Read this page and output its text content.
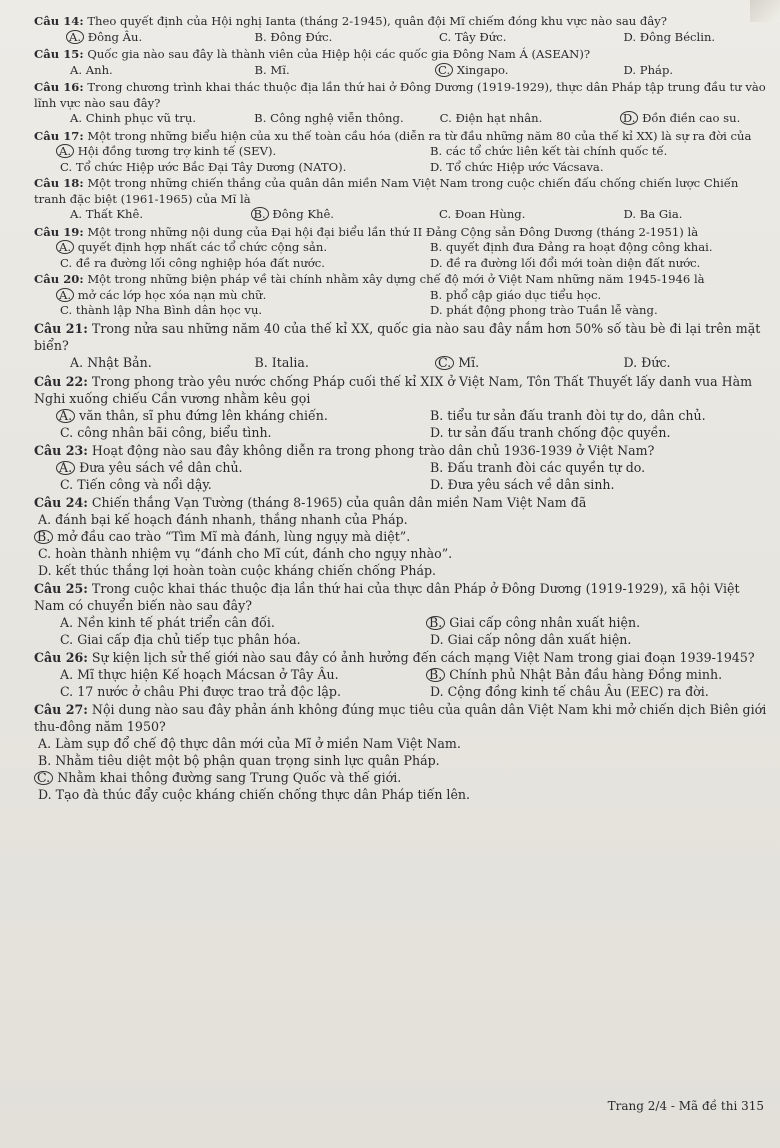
Câu 14: Theo quyết định của Hội nghị Ianta (tháng 2-1945), quân đội Mĩ chiếm đóng khu vực nào sau đây?

A. Đông Âu.	B. Đông Đức.	C. Tây Đức.	D. Đông Béclin.

Câu 15: Quốc gia nào sau đây là thành viên của Hiệp hội các quốc gia Đông Nam Á (ASEAN)?

A. Anh.	B. Mĩ.	C. Xingapo.	D. Pháp.

Câu 16: Trong chương trình khai thác thuộc địa lần thứ hai ở Đông Dương (1919-1929), thực dân Pháp tập trung đầu tư vào lĩnh vực nào sau đây?

A. Chinh phục vũ trụ.	B. Công nghệ viễn thông.	C. Điện hạt nhân.	D. Đồn điền cao su.

Câu 17: Một trong những biểu hiện của xu thế toàn cầu hóa (diễn ra từ đầu những năm 80 của thế kỉ XX) là sự ra đời của

A. Hội đồng tương trợ kinh tế (SEV).	B. các tổ chức liên kết tài chính quốc tế.
C. Tổ chức Hiệp ước Bắc Đại Tây Dương (NATO).	D. Tổ chức Hiệp ước Vácsava.

Câu 18: Một trong những chiến thắng của quân dân miền Nam Việt Nam trong cuộc chiến đấu chống chiến lược Chiến tranh đặc biệt (1961-1965) của Mĩ là

A. Thất Khê.	B. Đông Khê.	C. Đoan Hùng.	D. Ba Gia.

Câu 19: Một trong những nội dung của Đại hội đại biểu lần thứ II Đảng Cộng sản Đông Dương (tháng 2-1951) là

A. quyết định hợp nhất các tổ chức cộng sản.	B. quyết định đưa Đảng ra hoạt động công khai.
C. đề ra đường lối công nghiệp hóa đất nước.	D. đề ra đường lối đổi mới toàn diện đất nước.

Câu 20: Một trong những biện pháp về tài chính nhằm xây dựng chế độ mới ở Việt Nam những năm 1945-1946 là

A. mở các lớp học xóa nạn mù chữ.	B. phổ cập giáo dục tiểu học.
C. thành lập Nha Bình dân học vụ.	D. phát động phong trào Tuần lễ vàng.

Câu 21: Trong nửa sau những năm 40 của thế kỉ XX, quốc gia nào sau đây nắm hơn 50% số tàu bè đi lại trên mặt biển?

A. Nhật Bản.	B. Italia.	C. Mĩ.	D. Đức.

Câu 22: Trong phong trào yêu nước chống Pháp cuối thế kỉ XIX ở Việt Nam, Tôn Thất Thuyết lấy danh vua Hàm Nghi xuống chiếu Cần vương nhằm kêu gọi

A. văn thân, sĩ phu đứng lên kháng chiến.	B. tiểu tư sản đấu tranh đòi tự do, dân chủ.
C. công nhân bãi công, biểu tình.	D. tư sản đấu tranh chống độc quyền.

Câu 23: Hoạt động nào sau đây không diễn ra trong phong trào dân chủ 1936-1939 ở Việt Nam?

A. Đưa yêu sách về dân chủ.	B. Đấu tranh đòi các quyền tự do.
C. Tiến công và nổi dậy.	D. Đưa yêu sách về dân sinh.

Câu 24: Chiến thắng Vạn Tường (tháng 8-1965) của quân dân miền Nam Việt Nam đã

A. đánh bại kế hoạch đánh nhanh, thắng nhanh của Pháp.
B. mở đầu cao trào “Tìm Mĩ mà đánh, lùng ngụy mà diệt”.
C. hoàn thành nhiệm vụ “đánh cho Mĩ cút, đánh cho ngụy nhào”.
D. kết thúc thắng lợi hoàn toàn cuộc kháng chiến chống Pháp.

Câu 25: Trong cuộc khai thác thuộc địa lần thứ hai của thực dân Pháp ở Đông Dương (1919-1929), xã hội Việt Nam có chuyển biến nào sau đây?

A. Nền kinh tế phát triển cân đối.	B. Giai cấp công nhân xuất hiện.
C. Giai cấp địa chủ tiếp tục phân hóa.	D. Giai cấp nông dân xuất hiện.

Câu 26: Sự kiện lịch sử thế giới nào sau đây có ảnh hưởng đến cách mạng Việt Nam trong giai đoạn 1939-1945?

A. Mĩ thực hiện Kế hoạch Mácsan ở Tây Âu.	B. Chính phủ Nhật Bản đầu hàng Đồng minh.
C. 17 nước ở châu Phi được trao trả độc lập.	D. Cộng đồng kinh tế châu Âu (EEC) ra đời.

Câu 27: Nội dung nào sau đây phản ánh không đúng mục tiêu của quân dân Việt Nam khi mở chiến dịch Biên giới thu-đông năm 1950?

A. Làm sụp đổ chế độ thực dân mới của Mĩ ở miền Nam Việt Nam.
B. Nhằm tiêu diệt một bộ phận quan trọng sinh lực quân Pháp.
C. Nhằm khai thông đường sang Trung Quốc và thế giới.
D. Tạo đà thúc đẩy cuộc kháng chiến chống thực dân Pháp tiến lên.
Trang 2/4 - Mã đề thi 315
